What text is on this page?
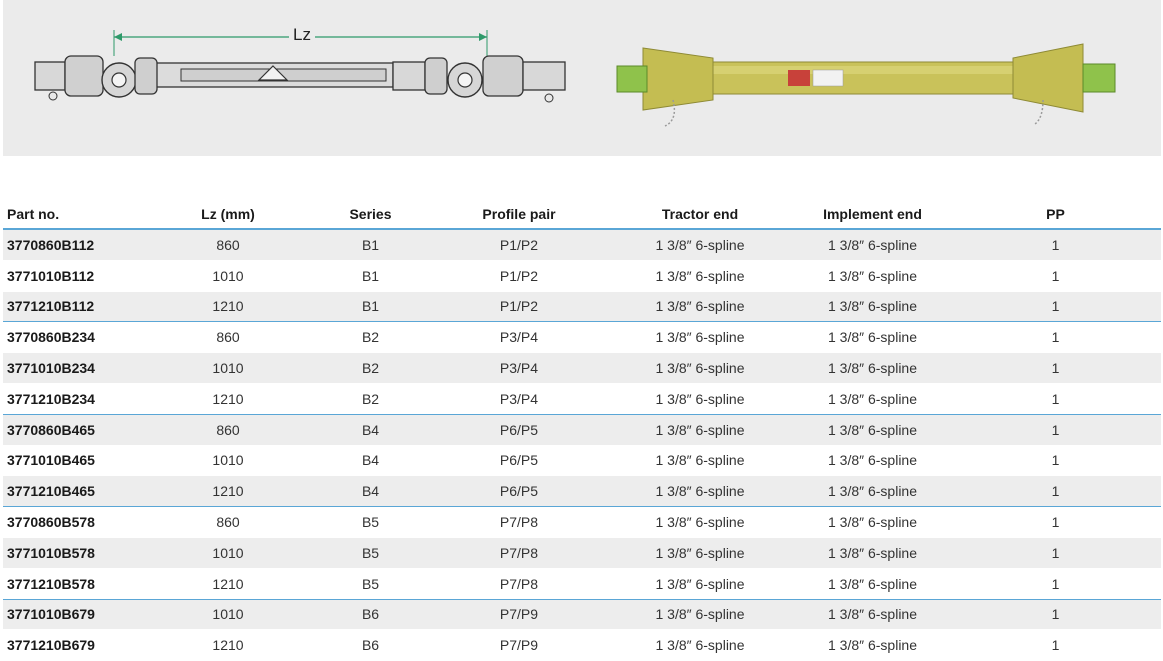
Lz
Part no.	Lz (mm)	Series	Profile pair	Tractor end	Implement end	PP
3770860B112	860	B1	P1/P2	1 3/8″ 6-spline	1 3/8″ 6-spline	1
3771010B112	1010	B1	P1/P2	1 3/8″ 6-spline	1 3/8″ 6-spline	1
3771210B112	1210	B1	P1/P2	1 3/8″ 6-spline	1 3/8″ 6-spline	1
3770860B234	860	B2	P3/P4	1 3/8″ 6-spline	1 3/8″ 6-spline	1
3771010B234	1010	B2	P3/P4	1 3/8″ 6-spline	1 3/8″ 6-spline	1
3771210B234	1210	B2	P3/P4	1 3/8″ 6-spline	1 3/8″ 6-spline	1
3770860B465	860	B4	P6/P5	1 3/8″ 6-spline	1 3/8″ 6-spline	1
3771010B465	1010	B4	P6/P5	1 3/8″ 6-spline	1 3/8″ 6-spline	1
3771210B465	1210	B4	P6/P5	1 3/8″ 6-spline	1 3/8″ 6-spline	1
3770860B578	860	B5	P7/P8	1 3/8″ 6-spline	1 3/8″ 6-spline	1
3771010B578	1010	B5	P7/P8	1 3/8″ 6-spline	1 3/8″ 6-spline	1
3771210B578	1210	B5	P7/P8	1 3/8″ 6-spline	1 3/8″ 6-spline	1
3771010B679	1010	B6	P7/P9	1 3/8″ 6-spline	1 3/8″ 6-spline	1
3771210B679	1210	B6	P7/P9	1 3/8″ 6-spline	1 3/8″ 6-spline	1
